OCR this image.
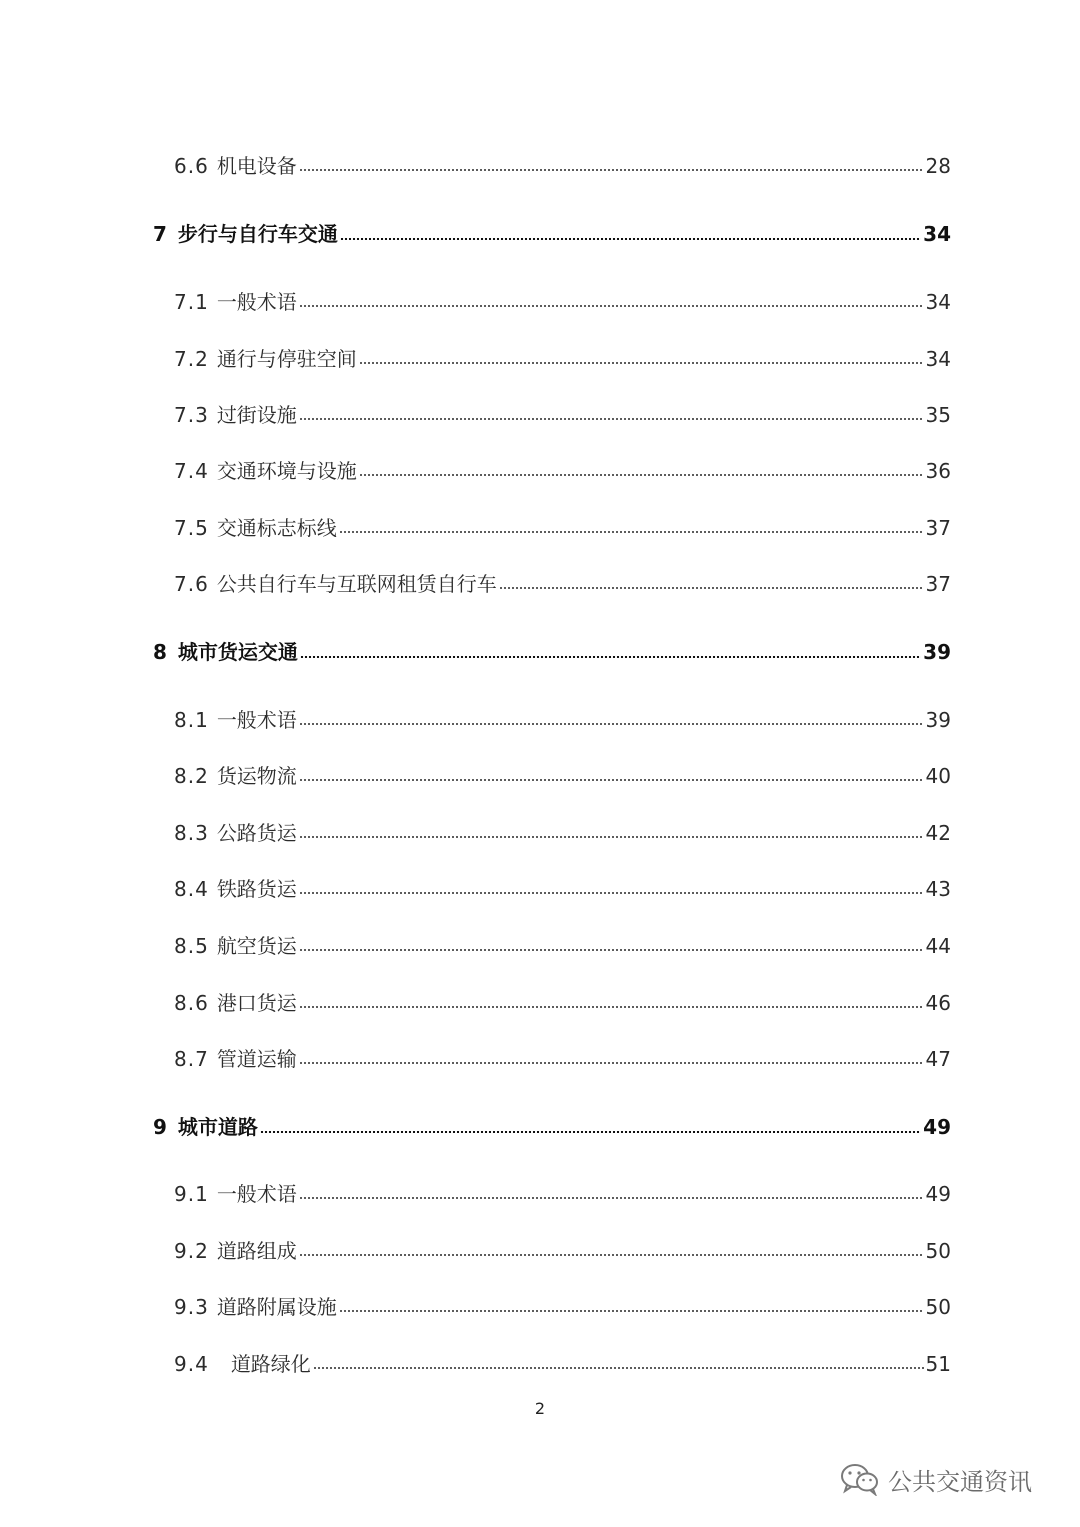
6.6 机电设备	28
7 步行与自行车交通	34
7.1 一般术语	34
7.2 通行与停驻空间	34
7.3 过街设施	35
7.4 交通环境与设施	36
7.5 交通标志标线	37
7.6 公共自行车与互联网租赁自行车	37
8 城市货运交通	39
8.1 一般术语	39
8.2 货运物流	40
8.3 公路货运	42
8.4 铁路货运	43
8.5 航空货运	44
8.6 港口货运	46
8.7 管道运输	47
9 城市道路	49
9.1 一般术语	49
9.2 道路组成	50
9.3 道路附属设施	50
9.4 道路绿化	51
2
公共交通资讯
